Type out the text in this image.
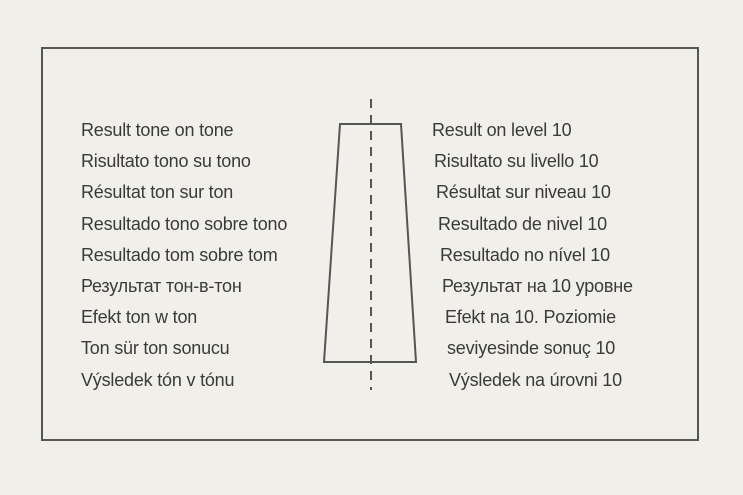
Result tone on tone
Risultato tono su tono
Résultat ton sur ton
Resultado tono sobre tono
Resultado tom sobre tom
Результат тон-в-тон
Efekt ton w ton
Ton sür ton sonucu
Výsledek tón v tónu
Result on level 10
Risultato su livello 10
Résultat sur niveau 10
Resultado de nivel 10
Resultado no nível 10
Результат на 10 уровне
Efekt na 10. Poziomie
seviyesinde sonuç 10
Výsledek na úrovni 10
